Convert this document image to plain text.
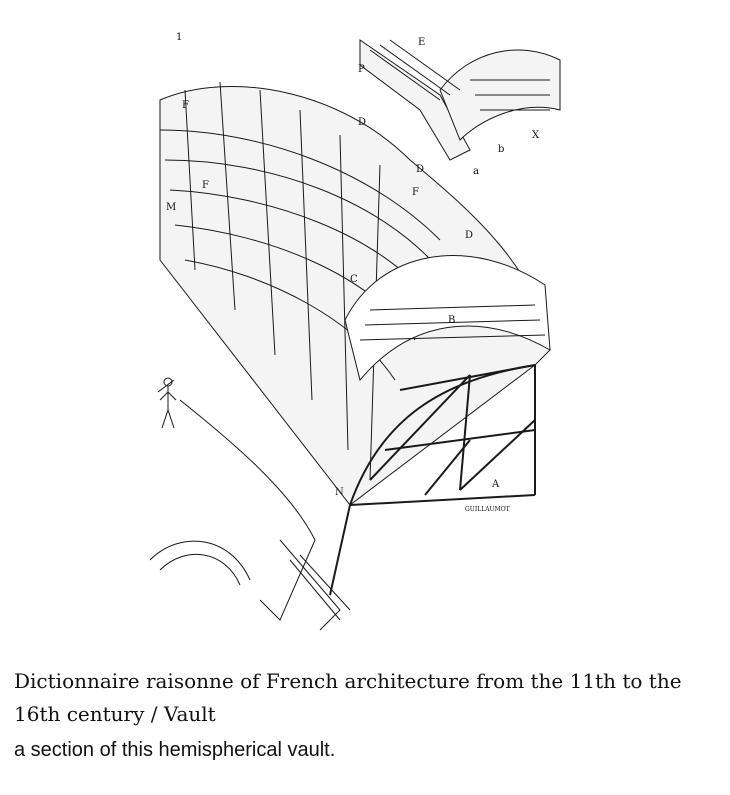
1
F
F
D
D
F
D
M
C
B
A
N
P
E
X
a
b
GUILLAUMOT

Dictionnaire raisonne of French architecture from the 11th to the 16th century / Vault

a section of this hemispherical vault.
